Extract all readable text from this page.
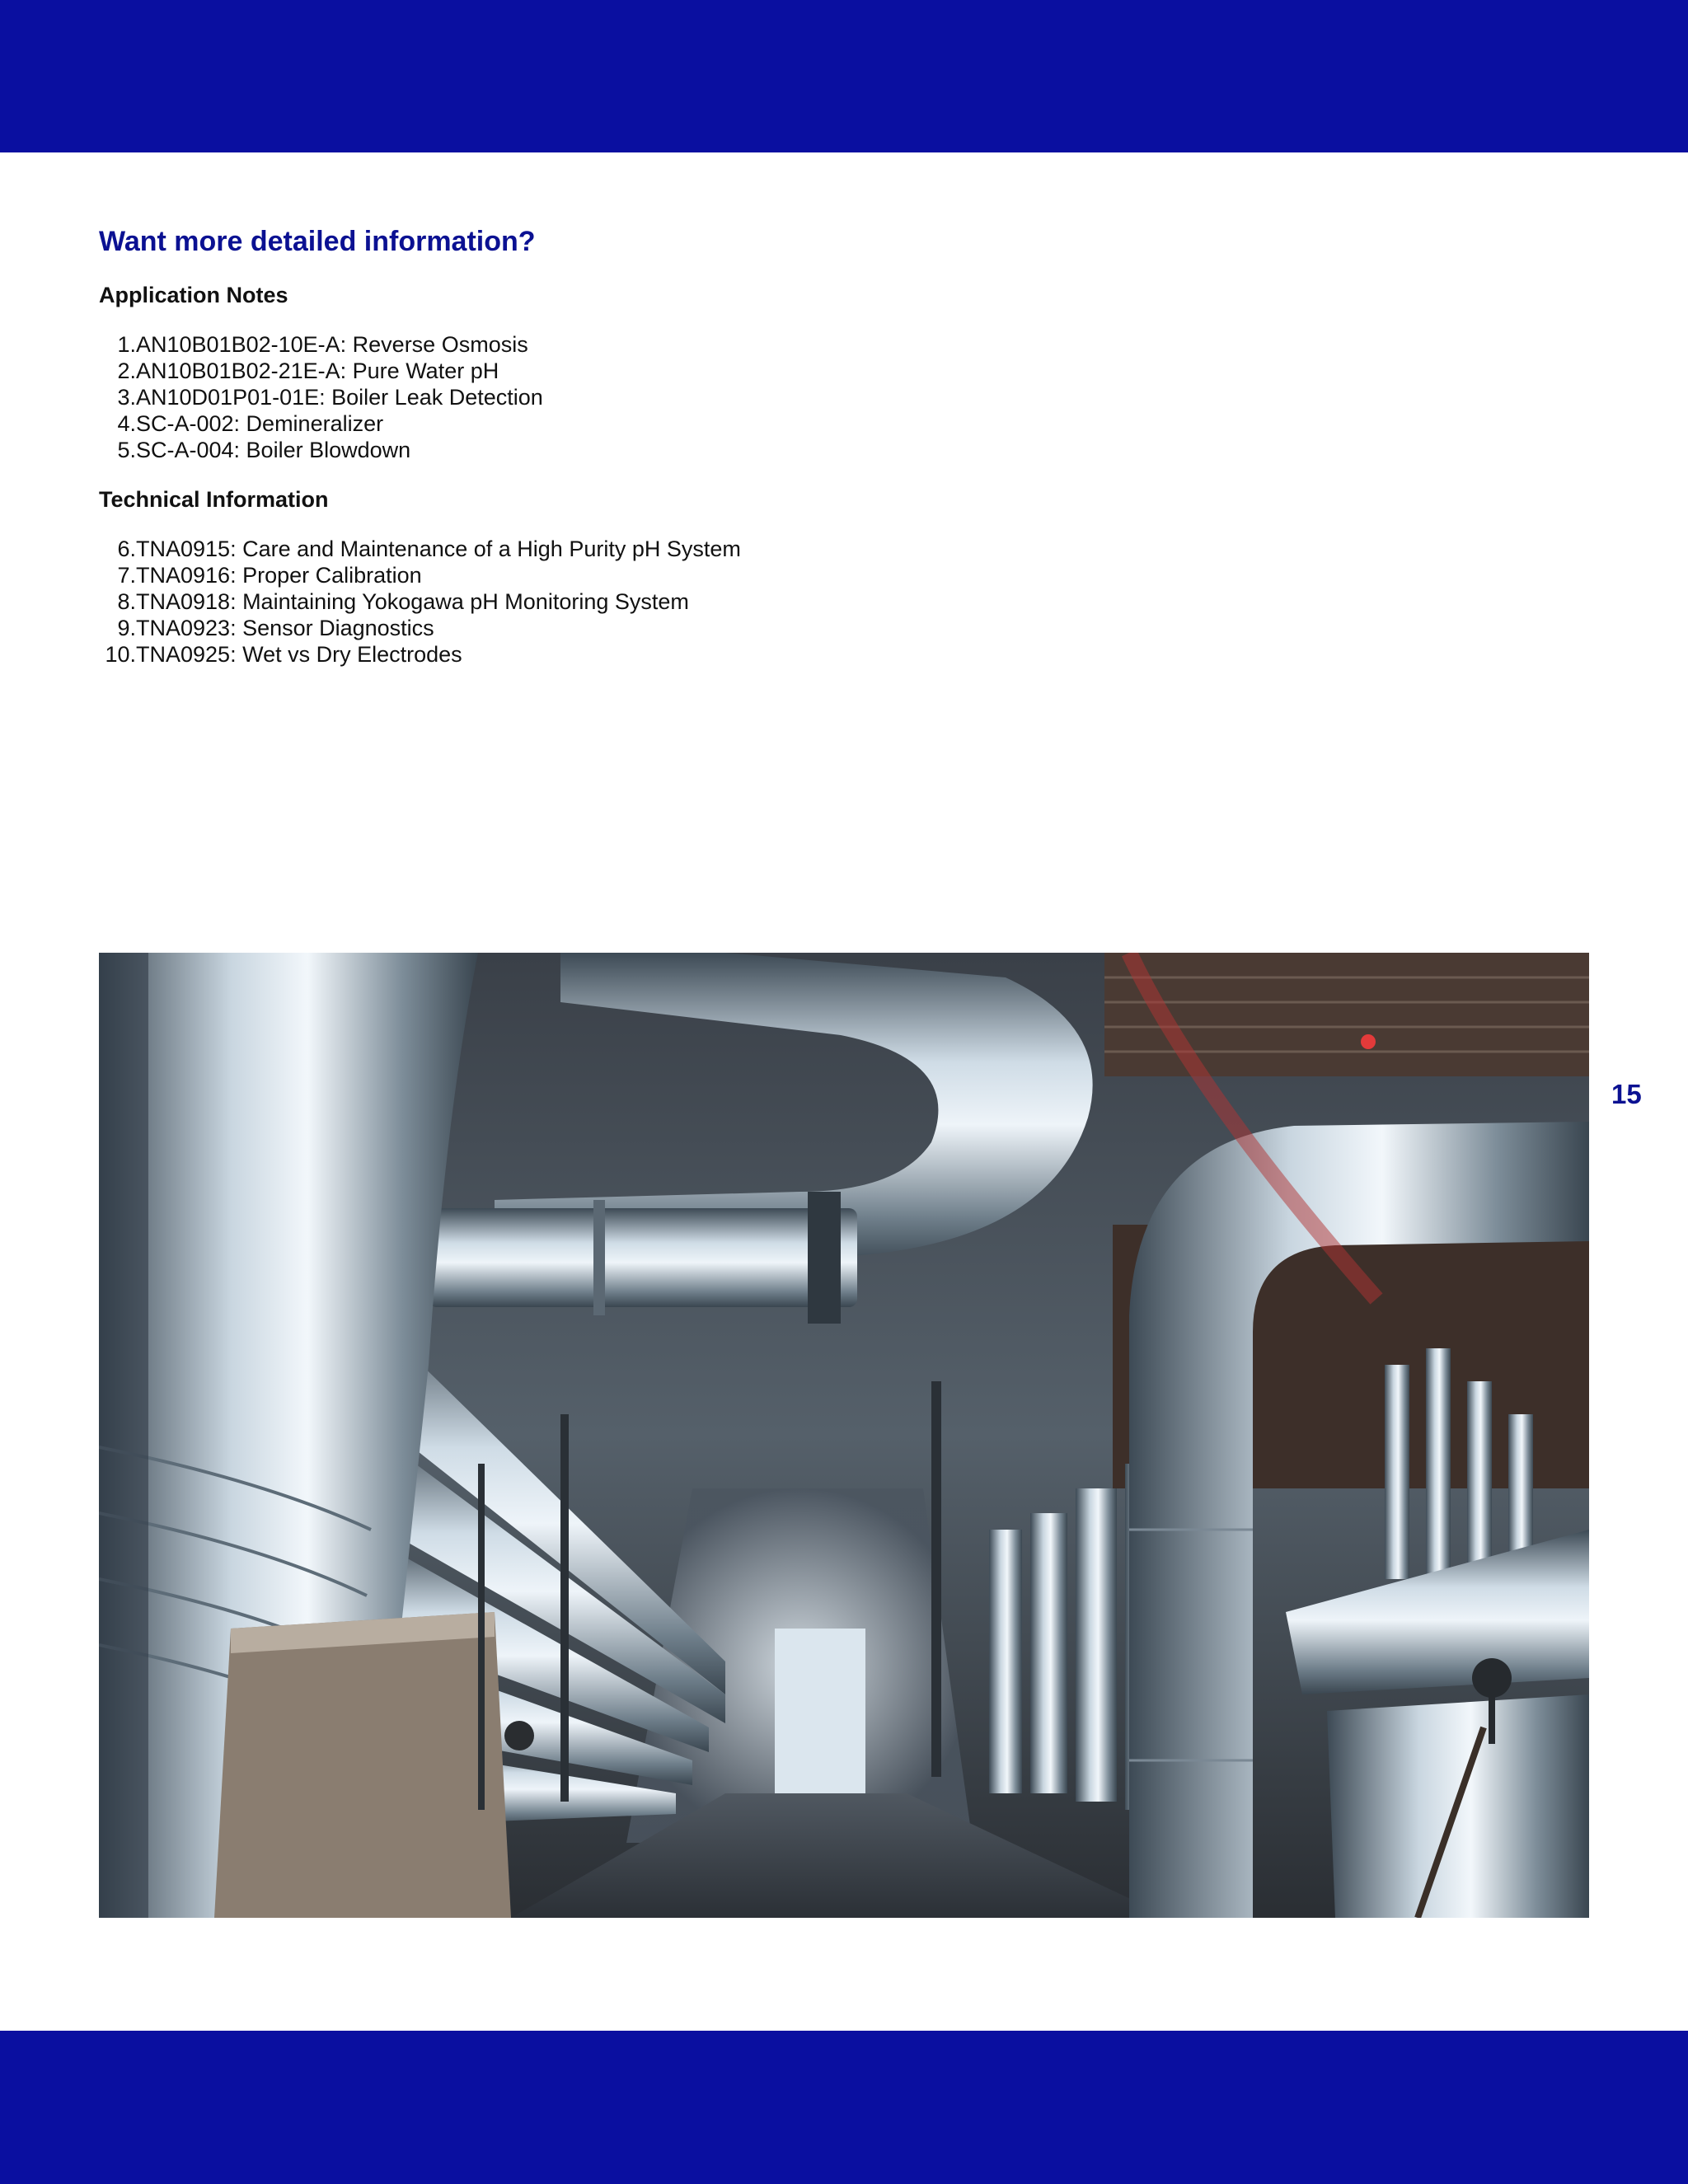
Want more detailed information?
Application Notes
1. AN10B01B02-10E-A: Reverse Osmosis
2. AN10B01B02-21E-A: Pure Water pH
3. AN10D01P01-01E: Boiler Leak Detection
4. SC-A-002: Demineralizer
5. SC-A-004: Boiler Blowdown
Technical Information
6. TNA0915: Care and Maintenance of a High Purity pH System
7. TNA0916: Proper Calibration
8. TNA0918: Maintaining Yokogawa pH Monitoring System
9. TNA0923: Sensor Diagnostics
10. TNA0925: Wet vs Dry Electrodes
15
